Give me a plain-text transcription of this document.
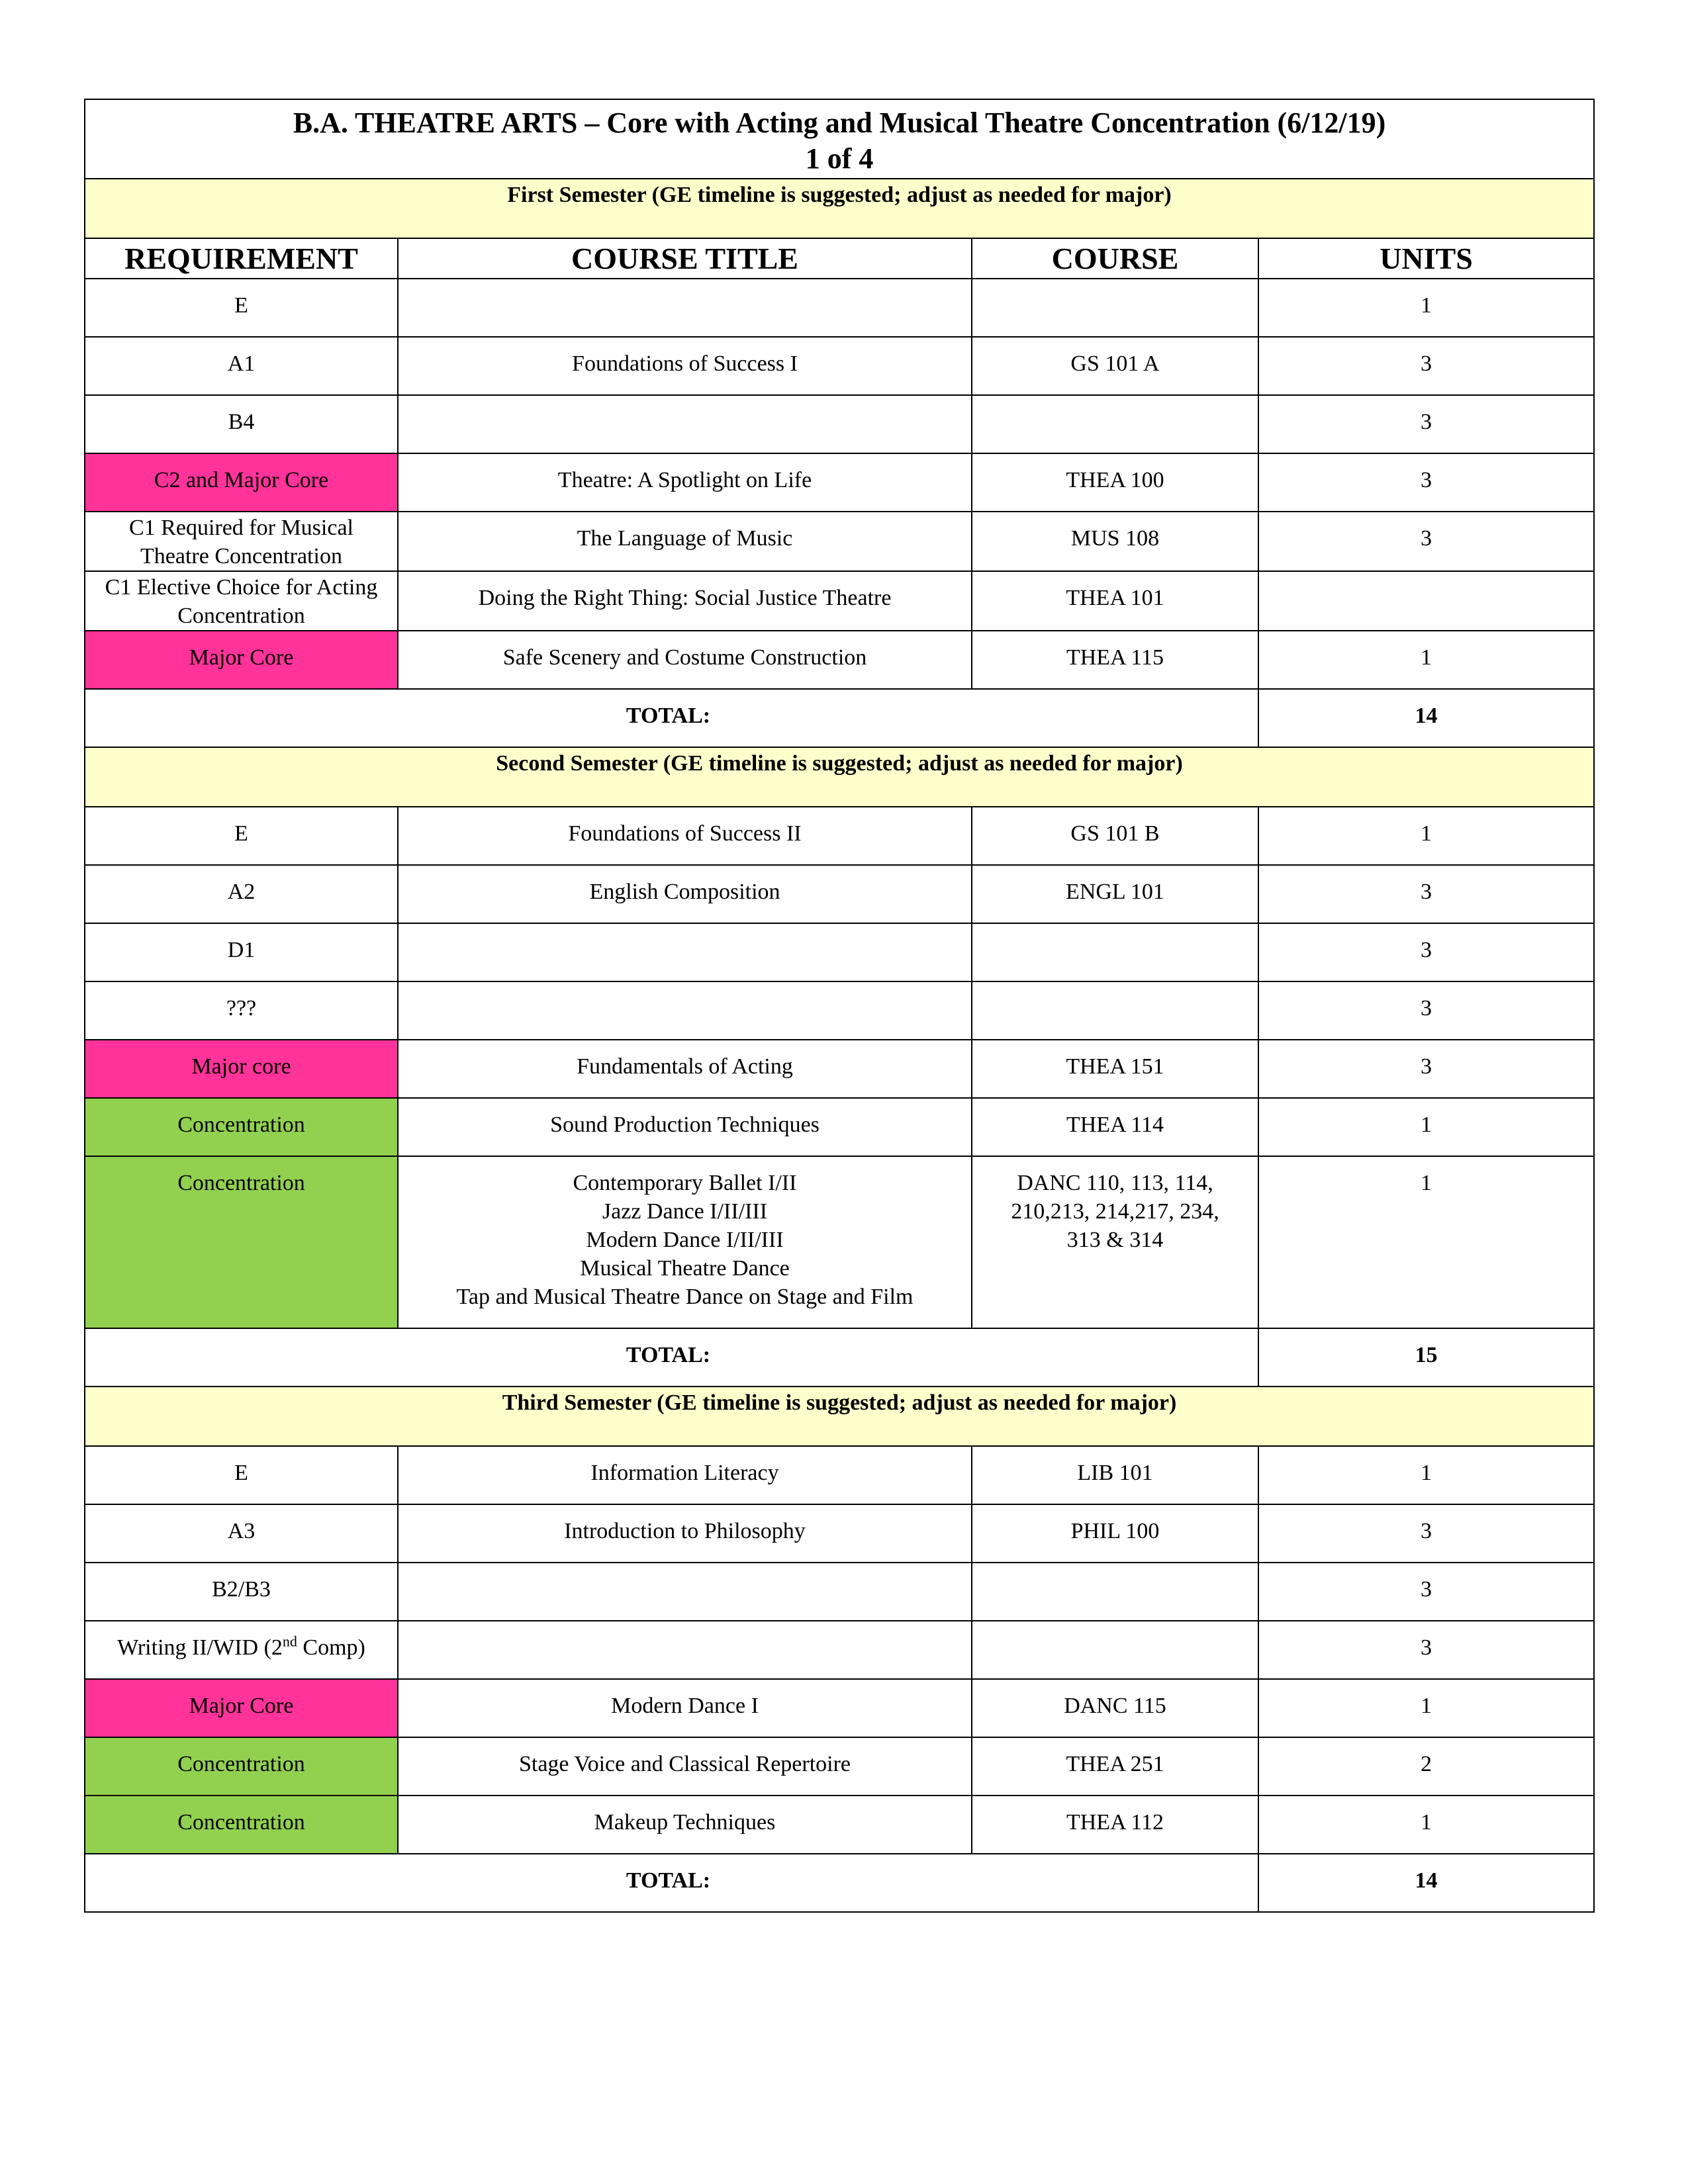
B.A. THEATRE ARTS – Core with Acting and Musical Theatre Concentration (6/12/19)
1 of 4			

First Semester (GE timeline is suggested; adjust as needed for major)			
REQUIREMENT	COURSE TITLE	COURSE	UNITS
E			1
A1	Foundations of Success I	GS 101 A	3
B4			3
C2 and Major Core	Theatre: A Spotlight on Life	THEA 100	3
C1 Required for Musical Theatre Concentration	The Language of Music	MUS 108	3
C1 Elective Choice for Acting Concentration	Doing the Right Thing: Social Justice Theatre	THEA 101	
Major Core	Safe Scenery and Costume Construction	THEA 115	1
TOTAL:			14
Second Semester (GE timeline is suggested; adjust as needed for major)			
E	Foundations of Success II	GS 101 B	1
A2	English Composition	ENGL 101	3
D1			3
???			3
Major core	Fundamentals of Acting	THEA 151	3
Concentration	Sound Production Techniques	THEA 114	1
Concentration	Contemporary Ballet I/II
Jazz Dance I/II/III
Modern Dance I/II/III
Musical Theatre Dance
Tap and Musical Theatre Dance on Stage and Film	DANC 110, 113, 114,
210,213, 214,217, 234,
313 & 314	1
TOTAL:			15
Third Semester (GE timeline is suggested; adjust as needed for major)			
E	Information Literacy	LIB 101	1
A3	Introduction to Philosophy	PHIL 100	3
B2/B3			3
Writing II/WID (2nd Comp)			3
Major Core	Modern Dance I	DANC 115	1
Concentration	Stage Voice and Classical Repertoire	THEA 251	2
Concentration	Makeup Techniques	THEA 112	1
TOTAL:			14
